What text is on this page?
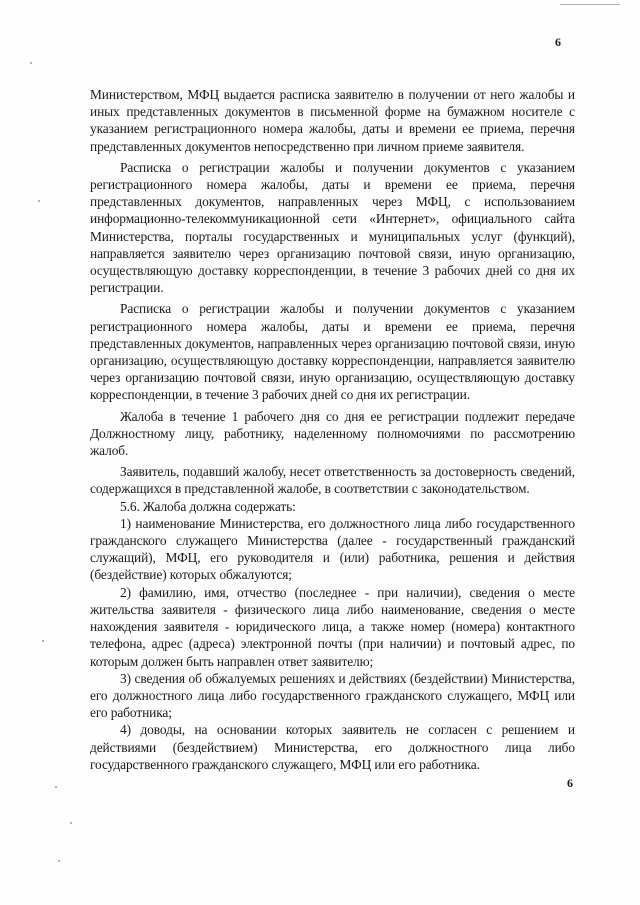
6

Министерством, МФЦ выдается расписка заявителю в получении от него жалобы и иных представленных документов в письменной форме на бумажном носителе с указанием регистрационного номера жалобы, даты и времени ее приема, перечня представленных документов непосредственно при личном приеме заявителя.

Расписка о регистрации жалобы и получении документов с указанием регистрационного номера жалобы, даты и времени ее приема, перечня представленных документов, направленных через МФЦ, с использованием информационно-телекоммуникационной сети «Интернет», официального сайта Министерства, порталы государственных и муниципальных услуг (функций), направляется заявителю через организацию почтовой связи, иную организацию, осуществляющую доставку корреспонденции, в течение 3 рабочих дней со дня их регистрации.

Расписка о регистрации жалобы и получении документов с указанием регистрационного номера жалобы, даты и времени ее приема, перечня представленных документов, направленных через организацию почтовой связи, иную организацию, осуществляющую доставку корреспонденции, направляется заявителю через организацию почтовой связи, иную организацию, осуществляющую доставку корреспонденции, в течение 3 рабочих дней со дня их регистрации.

Жалоба в течение 1 рабочего дня со дня ее регистрации подлежит передаче Должностному лицу, работнику, наделенному полномочиями по рассмотрению жалоб.

Заявитель, подавший жалобу, несет ответственность за достоверность сведений, содержащихся в представленной жалобе, в соответствии с законодательством.

5.6. Жалоба должна содержать:

1) наименование Министерства, его должностного лица либо государственного гражданского служащего Министерства (далее - государственный гражданский служащий), МФЦ, его руководителя и (или) работника, решения и действия (бездействие) которых обжалуются;

2) фамилию, имя, отчество (последнее - при наличии), сведения о месте жительства заявителя - физического лица либо наименование, сведения о месте нахождения заявителя - юридического лица, а также номер (номера) контактного телефона, адрес (адреса) электронной почты (при наличии) и почтовый адрес, по которым должен быть направлен ответ заявителю;

3) сведения об обжалуемых решениях и действиях (бездействии) Министерства, его должностного лица либо государственного гражданского служащего, МФЦ или его работника;

4) доводы, на основании которых заявитель не согласен с решением и действиями (бездействием) Министерства, его должностного лица либо государственного гражданского служащего, МФЦ или его работника.

6
